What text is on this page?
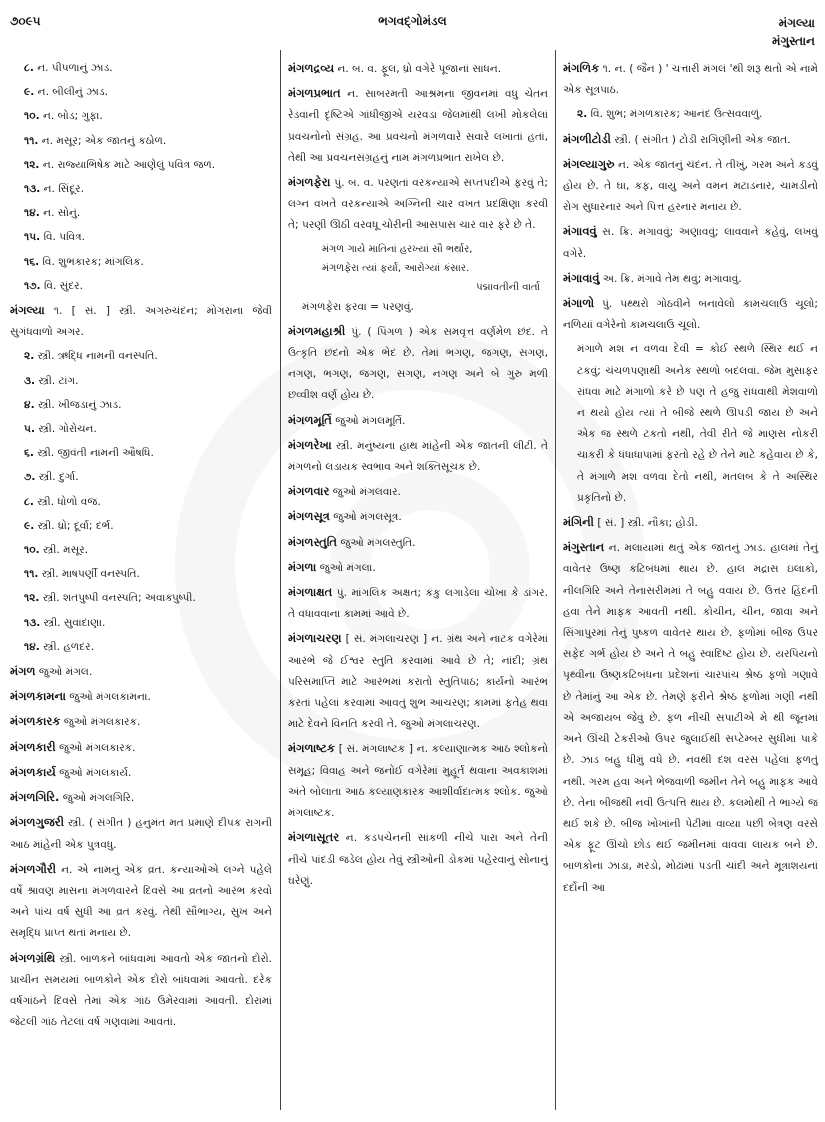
૭૦૯૫	ભગવદ્ગોમંડલ	મંગલ્યા
મંગુસ્તાન
૮. ન. પીપળાનું ઝાડ.
૯. ન. બીલીનું ઝાડ.
૧૦. ન. બોડ; ગુફા.
૧૧. ન. મસૂર; એક જાતનું કઠોળ.
૧૨. ન. રાજ્યાભિષેક માટે આણેલું પવિત્ર જળ.
૧૩. ન. સિંદૂર.
૧૪. ન. સોનું.
૧૫. વિ. પવિત્ર.
૧૬. વિ. શુભકારક; માંગલિક.
૧૭. વિ. સુંદર.
મંગલ્યા ૧. [ સં. ] સ્ત્રી. અગરુચંદન; મોગરાના જેવી સુગંધવાળો અગર.
૨. સ્ત્રી. ઋદ્ધિ નામની વનસ્પતિ.
૩. સ્ત્રી. ટાંગ.
૪. સ્ત્રી. ખીજડાનું ઝાડ.
૫. સ્ત્રી. ગોરોચન.
૬. સ્ત્રી. જીવંતી નામની ઔષધિ.
૭. સ્ત્રી. દુર્ગા.
૮. સ્ત્રી. ધોળો વજ.
૯. સ્ત્રી. ધ્રો; દૂર્વા; દર્ભ.
૧૦. સ્ત્રી. મસૂર.
૧૧. સ્ત્રી. માષપર્ણી વનસ્પતિ.
૧૨. સ્ત્રી. શતપુષ્પી વનસ્પતિ; અવાક્પુષ્પી.
૧૩. સ્ત્રી. સુવાદાણા.
૧૪. સ્ત્રી. હળદર.
મંગળ જુઓ મંગલ.
મંગળકામના જુઓ મંગલકામના.
મંગળકારક જુઓ મંગલકારક.
મંગળકારી જુઓ મંગલકારક.
મંગળકાર્ય જુઓ મંગલકાર્ય.
મંગળગિરિ. જુઓ મંગલગિરિ.
મંગળગુજરી સ્ત્રી. ( સંગીત ) હનુમંત મત પ્રમાણે દીપક રાગની આઠ માંહેની એક પુત્રવધુ.
મંગળગૌરી ન. એ નામનું એક વ્રત. કન્યાઓએ લગ્ને પહેલે વર્ષે શ્રાવણ માસના મંગળવારને દિવસે આ વ્રતનો આરંભ કરવો અને પાંચ વર્ષ સુધી આ વ્રત કરવું. તેથી સૌભાગ્ય, સુખ અને સમૃદ્ધિ પ્રાપ્ત થતાં મનાય છે.
મંગળગ્રંથિ સ્ત્રી. બાળકને બાંધવામાં આવતો એક જાતનો દોરો. પ્રાચીન સમયમાં બાળકોને એક દોરો બાંધવામાં આવતો. દરેક વર્ષગાંઠને દિવસે તેમાં એક ગાંઠ ઉમેરવામાં આવતી. દોરામાં જેટલી ગાંઠ તેટલાં વર્ષ ગણવામાં આવતાં.
મંગળદ્રવ્ય ન. બ. વ. ફૂલ, ધ્રો વગેરે પૂજાનાં સાધન.
મંગળપ્રભાત ન. સાબરમતી આશ્રમના જીવનમાં વધુ ચેતન રેડવાની દૃષ્ટિએ ગાંધીજીએ યરવડા જેલમાંથી લખી મોકલેલાં પ્રવચનોનો સંગ્રહ. આ પ્રવચનો મંગળવારે સવારે લખાતાં હતાં, તેથી આ પ્રવચનસંગ્રહનું નામ મંગળપ્રભાત રાખેલ છે.
મંગળફેરા પું. બ. વ. પરણતાં વરકન્યાએ સપ્તપદીએ ફરવું તે; લગ્ન વખતે વરકન્યાએ અગ્નિની ચાર વખત પ્રદક્ષિણા કરવી તે; પરણી ઊઠી વરવધૂ ચોરીની આસપાસ ચાર વાર ફરે છે તે.
મંગળ ગાયે માતિનાં હરખ્યાં સૌ ભર્થાર,
મંગળફેરા ત્યાં ફર્યાં, આરોગ્યાં કંસાર.
પદ્માવતીની વાર્તા
મંગળફેરા ફરવા = પરણવું.
મંગળમહાશ્રી પું. ( પિંગળ ) એક સમવૃત્ત વર્ણમેળ છંદ. તે ઉત્કૃતિ છંદનો એક ભેદ છે. તેમાં ભગણ, જગણ, સગણ, નગણ, ભગણ, જગણ, સગણ, નગણ અને બે ગુરુ મળી છવ્વીશ વર્ણ હોય છે.
મંગળમૂર્તિ જુઓ મંગલમૂર્તિ.
મંગળરેખા સ્ત્રી. મનુષ્યના હાથ માંહેની એક જાતની લીટી. તે મંગળનો લડાયક સ્વભાવ અને શક્તિસૂચક છે.
મંગળવાર જુઓ મંગલવાર.
મંગળસૂત્ર જુઓ મંગલસૂત્ર.
મંગળસ્તુતિ જુઓ મંગલસ્તુતિ.
મંગળા જુઓ મંગલા.
મંગળાક્ષત પું. માંગલિક અક્ષત; કંકુ લગાડેલા ચોખા કે ડાંગર. તે વધાવવાના કામમાં આવે છે.
મંગળાચરણ [ સં. મંગલાચરણ ] ન. ગ્રંથ અને નાટક વગેરેમાં આરંભે જે ઈશ્વર સ્તુતિ કરવામાં આવે છે તે; નાંદી; ગ્રંથ પરિસમાપ્તિ માટે આરંભમાં કરાતો સ્તુતિપાઠ; કાર્યનો આરંભ કરતાં પહેલાં કરવામાં આવતું શુભ આચરણ; કામમાં ફતેહ થવા માટે દેવને વિનતિ કરવી તે. જુઓ મંગલાચરણ.
મંગળાષ્ટક [ સં. મંગલાષ્ટક ] ન. કલ્યાણાત્મક આઠ શ્લોકનો સમૂહ; વિવાહ અને જનોઈ વગેરેમાં મુહૂર્ત થવાના અવકાશમાં અંતે બોલાતા આઠ કલ્યાણકારક આશીર્વાદાત્મક શ્લોક. જુઓ મંગલાષ્ટક.
મંગળાસૂતર ન. કડપચેનની સાંકળી નીચે પારા અને તેની નીચે પાંદડી જડેલ હોય તેવું સ્ત્રીઓની ડોકમાં પહેરવાનું સોનાનું ઘરેણું.
મંગળિક ૧. ન. ( જૈન ) ' ચત્તારી મંગલં 'થી શરૂ થતો એ નામે એક સૂત્રપાઠ.
૨. વિ. શુભ; મંગળકારક; આનંદ ઉત્સવવાળું.
મંગળીટોડી સ્ત્રી. ( સંગીત ) ટોડી રાગિણીની એક જાત.
મંગલ્યાગુરુ ન. એક જાતનું ચંદન. તે તીખું, ગરમ અને કડવું હોય છે. તે ઘા, કફ, વાયુ અને વમન મટાડનાર, ચામડીનો રોગ સુધારનાર અને પિત્ત હરનાર મનાય છે.
મંગાવવું સ. ક્રિ. મગાવવું; અણાવવું; લાવવાને કહેવું, લખવું વગેરે.
મંગાવાવું અ. ક્રિ. મંગાવે તેમ થવું; મગાવાવું.
મંગાળો પું. પથ્થરો ગોઠવીને બનાવેલો કામચલાઉ ચૂલો; નળિયાં વગેરેનો કામચલાઉ ચૂલો.
મંગાળે મશ ન વળવા દેવી = કોઈ સ્થળે સ્થિર થઈ ન ટકવું; ચંચળપણાથી અનેક સ્થળો બદલવાં. જેમ મુસાફર રાંધવા માટે મંગાળો કરે છે પણ તે હજુ રાંધવાથી મેશવાળો ન થયો હોય ત્યાં તે બીજે સ્થળે ઊપડી જાય છે અને એક જ સ્થળે ટકતો નથી, તેવી રીતે જે માણસ નોકરી ચાકરી કે ધંધાધાપામાં ફરતો રહે છે તેને માટે કહેવાય છે કે, તે મંગાળે મશ વળવા દેતો નથી, મતલબ કે તે અસ્થિર પ્રકૃતિનો છે.
મંગિની [ સં. ] સ્ત્રી. નૌકા; હોડી.
મંગુસ્તાન ન. મલાયામાં થતું એક જાતનું ઝાડ. હાલમાં તેનું વાવેતર ઉષ્ણ કટિબંધમાં થાય છે. હાલ મદ્રાસ ઇલાકો, નીલગિરિ અને તેનાસરીમમાં તે બહુ વવાય છે. ઉત્તર હિંદની હવા તેને માફક આવતી નથી. કોચીન, ચીન, જાવા અને સિંગાપુરમાં તેનું પુષ્કળ વાવેતર થાય છે. ફળોમાં બીજ ઉપર સફેદ ગર્ભ હોય છે અને તે બહુ સ્વાદિષ્ટ હોય છે. યરપિયનો પૃથ્વીના ઉષ્ણકટિબંધના પ્રદેશનાં ચારપાંચ શ્રેષ્ઠ ફળો ગણાવે છે તેમાંનું આ એક છે. તેમણે ફરીને શ્રેષ્ઠ ફળોમાં ગણી નથી એ અજાયબ જેવું છે. ફળ નીચી સપાટીએ મે થી જૂનમાં અને ઊંચી ટેકરીઓ ઉપર જુલાઈથી સપ્ટેમ્બર સુધીમાં પાકે છે. ઝાડ બહુ ધીમું વધે છે. નવથી દશ વરસ પહેલાં ફળતું નથી. ગરમ હવા અને ભેજવાળી જમીન તેને બહુ માફક આવે છે. તેના બીજથી નવી ઉત્પત્તિ થાય છે. કલમોથી તે ભાગ્યે જ થઈ શકે છે. બીજ ખોખાંની પેટીમાં વાવ્યા પછી બેત્રણ વરસે એક ફૂટ ઊંચો છોડ થઈ જમીનમાં વાવવા લાયક બને છે. બાળકોના ઝાડા, મરડો, મોઢાંમાં પડતી ચાંદી અને મૂત્રાશયનાં દર્દોની આ
